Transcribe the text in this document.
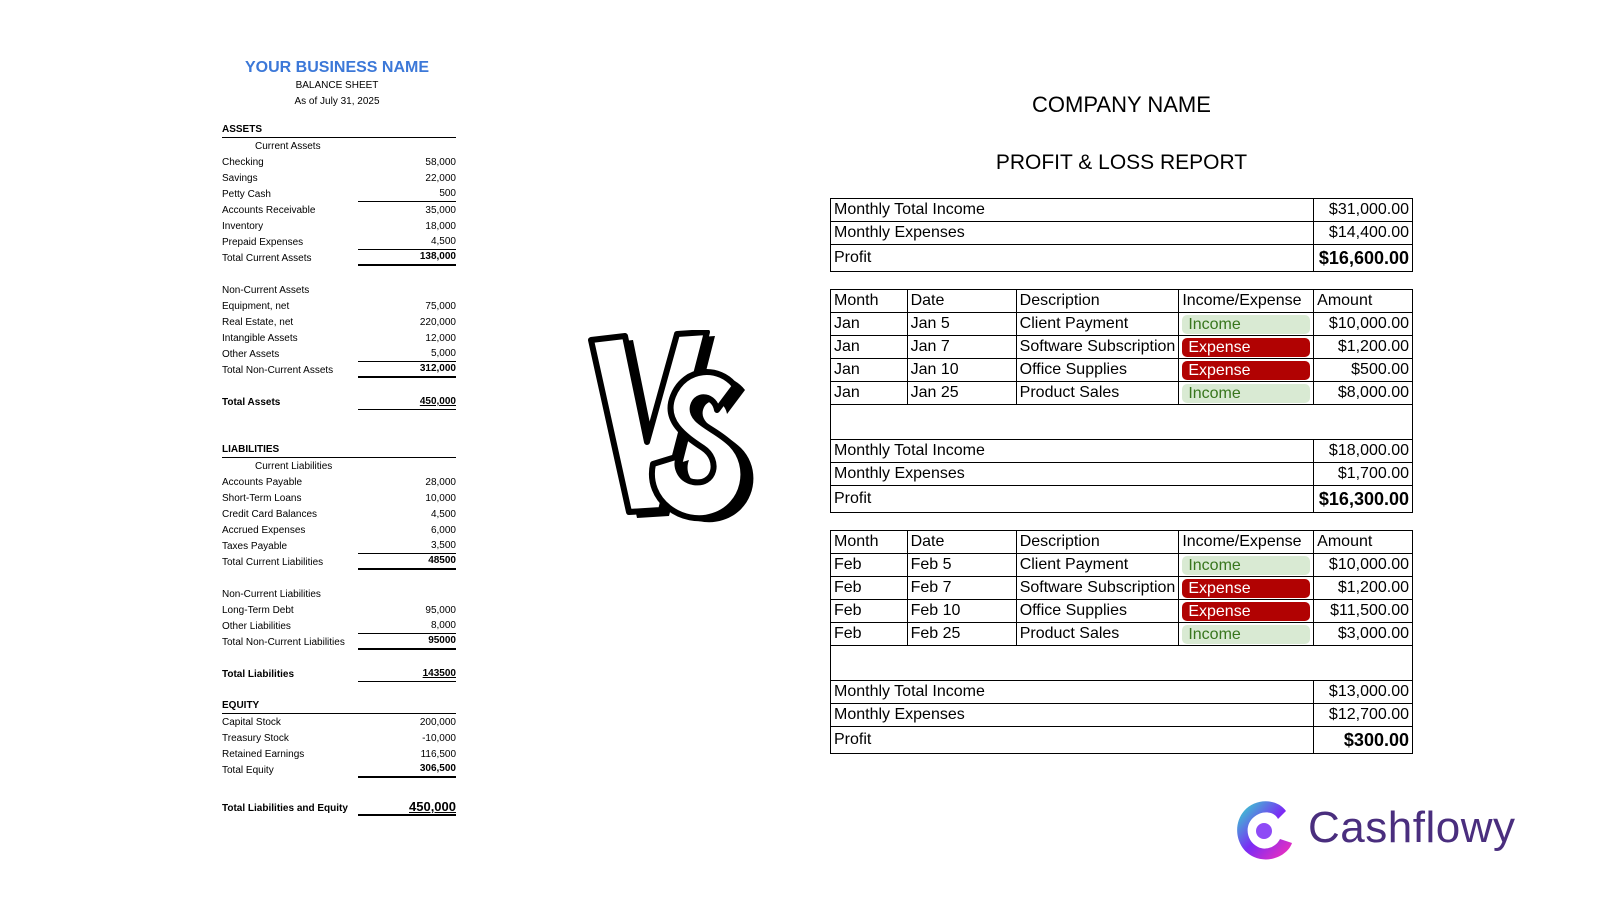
YOUR BUSINESS NAME
BALANCE SHEET
As of July 31, 2025
ASSETS
Current Assets
Checking	58,000
Savings	22,000
Petty Cash	500
Accounts Receivable	35,000
Inventory	18,000
Prepaid Expenses	4,500
Total Current Assets	138,000
Non-Current Assets
Equipment, net	75,000
Real Estate, net	220,000
Intangible Assets	12,000
Other Assets	5,000
Total Non-Current Assets	312,000
Total Assets	450,000
LIABILITIES
Current Liabilities
Accounts Payable	28,000
Short-Term Loans	10,000
Credit Card Balances	4,500
Accrued Expenses	6,000
Taxes Payable	3,500
Total Current Liabilities	48500
Non-Current Liabilities
Long-Term Debt	95,000
Other Liabilities	8,000
Total Non-Current Liabilities	95000
Total Liabilities	143500
EQUITY
Capital Stock	200,000
Treasury Stock	-10,000
Retained Earnings	116,500
Total Equity	306,500
Total Liabilities and Equity	450,000
COMPANY NAME
PROFIT & LOSS REPORT
Monthly Total Income	$31,000.00
Monthly Expenses	$14,400.00
Profit	$16,600.00
Month	Date	Description	Income/Expense	Amount
Jan	Jan 5	Client Payment	Income	$10,000.00
Jan	Jan 7	Software Subscription	Expense	$1,200.00
Jan	Jan 10	Office Supplies	Expense	$500.00
Jan	Jan 25	Product Sales	Income	$8,000.00

Monthly Total Income	$18,000.00
Monthly Expenses	$1,700.00
Profit	$16,300.00
Month	Date	Description	Income/Expense	Amount
Feb	Feb 5	Client Payment	Income	$10,000.00
Feb	Feb 7	Software Subscription	Expense	$1,200.00
Feb	Feb 10	Office Supplies	Expense	$11,500.00
Feb	Feb 25	Product Sales	Income	$3,000.00

Monthly Total Income	$13,000.00
Monthly Expenses	$12,700.00
Profit	$300.00
Cashflowy
